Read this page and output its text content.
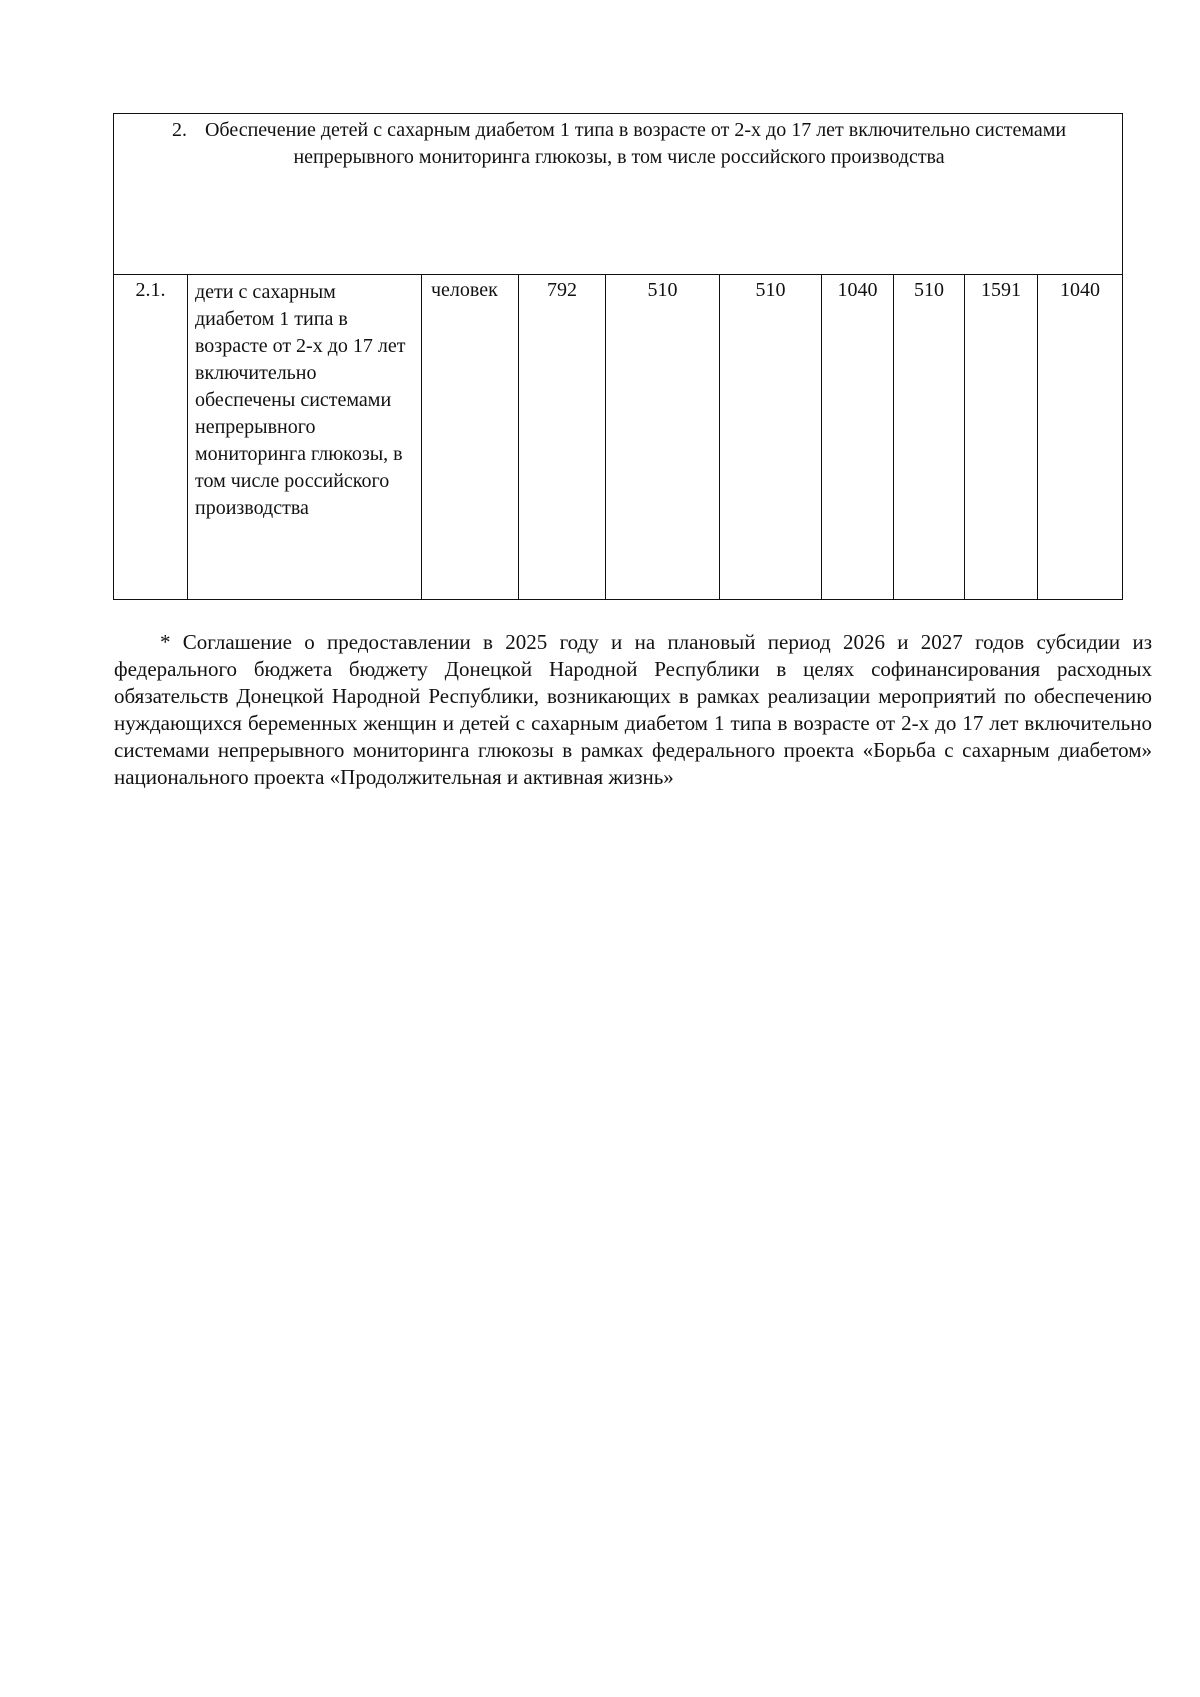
2. Обеспечение детей с сахарным диабетом 1 типа в возрасте от 2-х до 17 лет включительно системами непрерывного мониторинга глюкозы, в том числе российского производства
2.1.	дети с сахарным диабетом 1 типа в возрасте от 2-х до 17 лет включительно обеспечены системами непрерывного мониторинга глюкозы, в том числе российского производства	человек	792	510	510	1040	510	1591	1040

* Соглашение о предоставлении в 2025 году и на плановый период 2026 и 2027 годов субсидии из федерального бюджета бюджету Донецкой Народной Республики в целях софинансирования расходных обязательств Донецкой Народной Республики, возникающих в рамках реализации мероприятий по обеспечению нуждающихся беременных женщин и детей с сахарным диабетом 1 типа в возрасте от 2-х до 17 лет включительно системами непрерывного мониторинга глюкозы в рамках федерального проекта «Борьба с сахарным диабетом» национального проекта «Продолжительная и активная жизнь»
